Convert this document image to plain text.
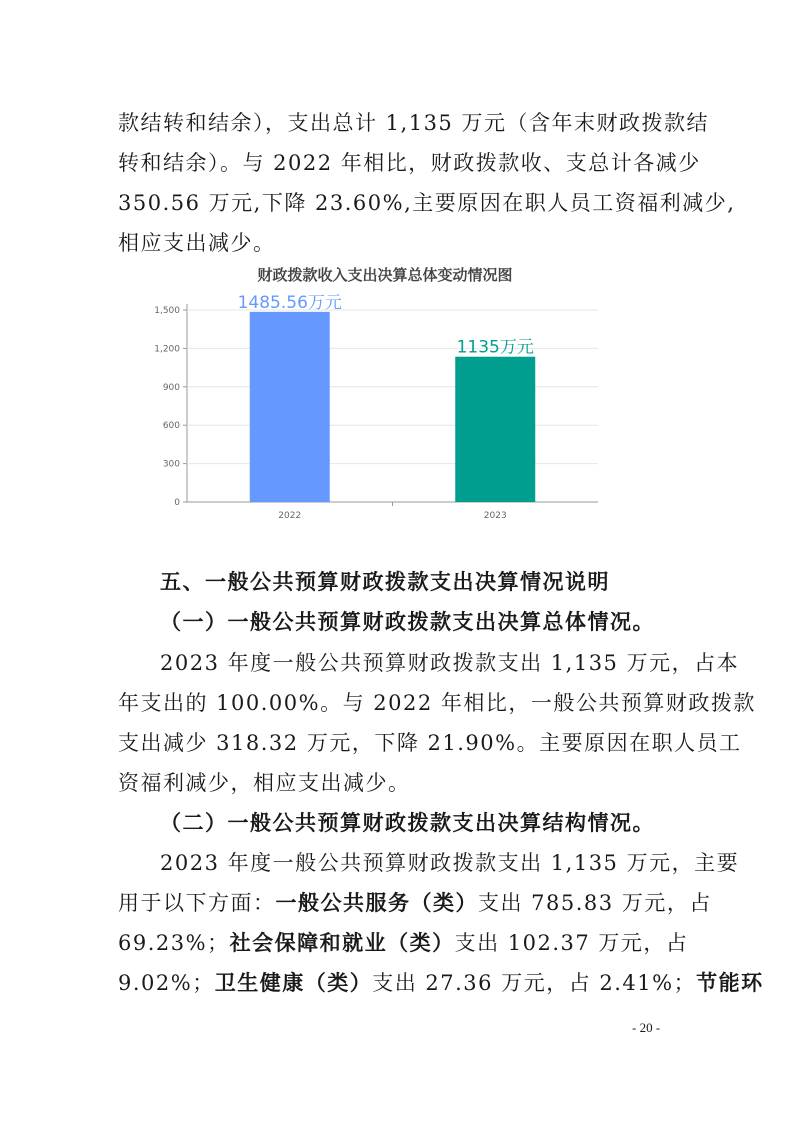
款结转和结余），支出总计 1,135 万元（含年末财政拨款结
转和结余）。与 2022 年相比，财政拨款收、支总计各减少
350.56 万元,下降 23.60%,主要原因在职人员工资福利减少,
相应支出减少。
财政拨款收入支出决算总体变动情况图
0
300
600
900
1,200
1,500	1485.56万元
2022
1135万元
2023
五、一般公共预算财政拨款支出决算情况说明
（一）一般公共预算财政拨款支出决算总体情况。
2023 年度一般公共预算财政拨款支出 1,135 万元，占本
年支出的 100.00%。与 2022 年相比，一般公共预算财政拨款
支出减少 318.32 万元，下降 21.90%。主要原因在职人员工
资福利减少，相应支出减少。
（二）一般公共预算财政拨款支出决算结构情况。
2023 年度一般公共预算财政拨款支出 1,135 万元，主要
用于以下方面：一般公共服务（类）支出 785.83 万元，占
69.23%；社会保障和就业（类）支出 102.37 万元，占
9.02%；卫生健康（类）支出 27.36 万元，占 2.41%；节能环
- 20 -
